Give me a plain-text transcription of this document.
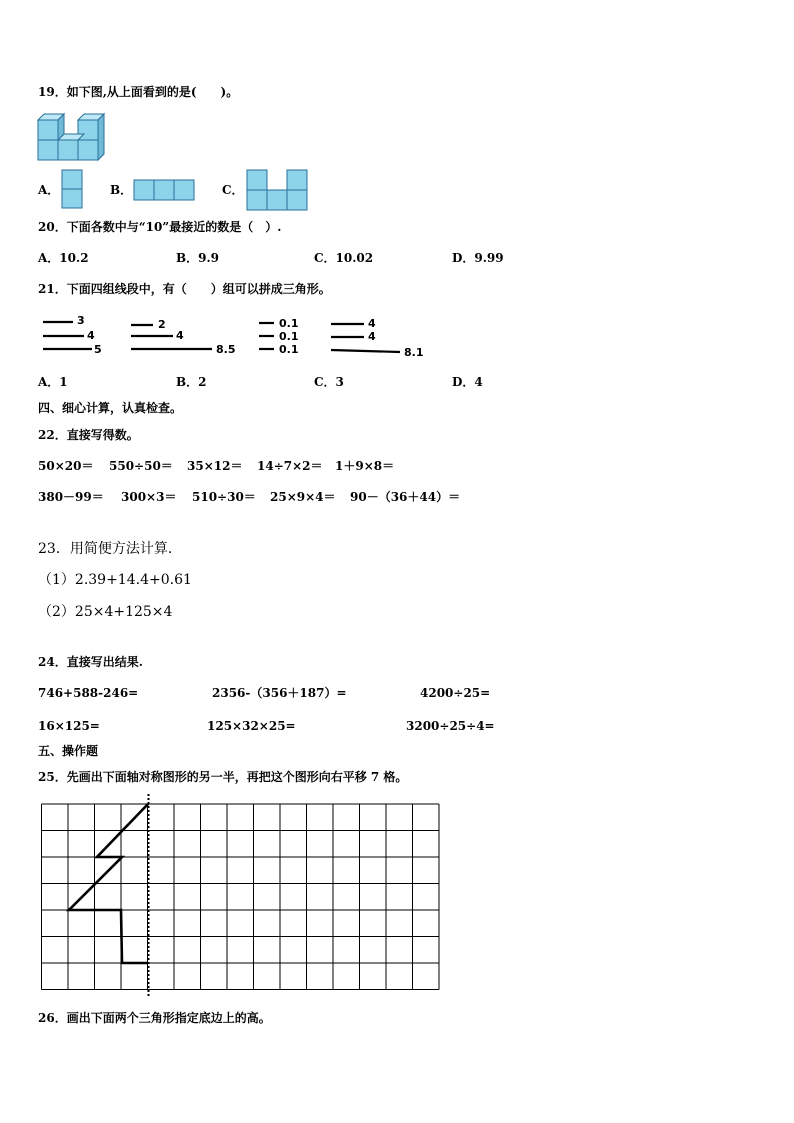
19．如下图,从上面看到的是(　　)。
A．	B．	C．
20．下面各数中与“10”最接近的数是（　）.
A．10.2	B．9.9	C．10.02	D．9.99
21．下面四组线段中，有（　　）组可以拼成三角形。
3
4
5
2
4
8.5
0.1
0.1
0.1
4
4
8.1
A．1	B．2	C．3	D．4
四、细心计算，认真检查。
22．直接写得数。
50×20＝ 550÷50＝ 35×12＝ 14÷7×2＝ 1＋9×8＝
380－99＝ 300×3＝ 510÷30＝ 25×9×4＝ 90－（36＋44）＝
23．用简便方法计算.
（1）2.39+14.4+0.61
（2）25×4+125×4
24．直接写出结果.
746+588-246=	2356-（356＋187）=	4200÷25=
16×125=	125×32×25=	3200÷25÷4=
五、操作题
25．先画出下面轴对称图形的另一半，再把这个图形向右平移 7 格。
26．画出下面两个三角形指定底边上的高。
